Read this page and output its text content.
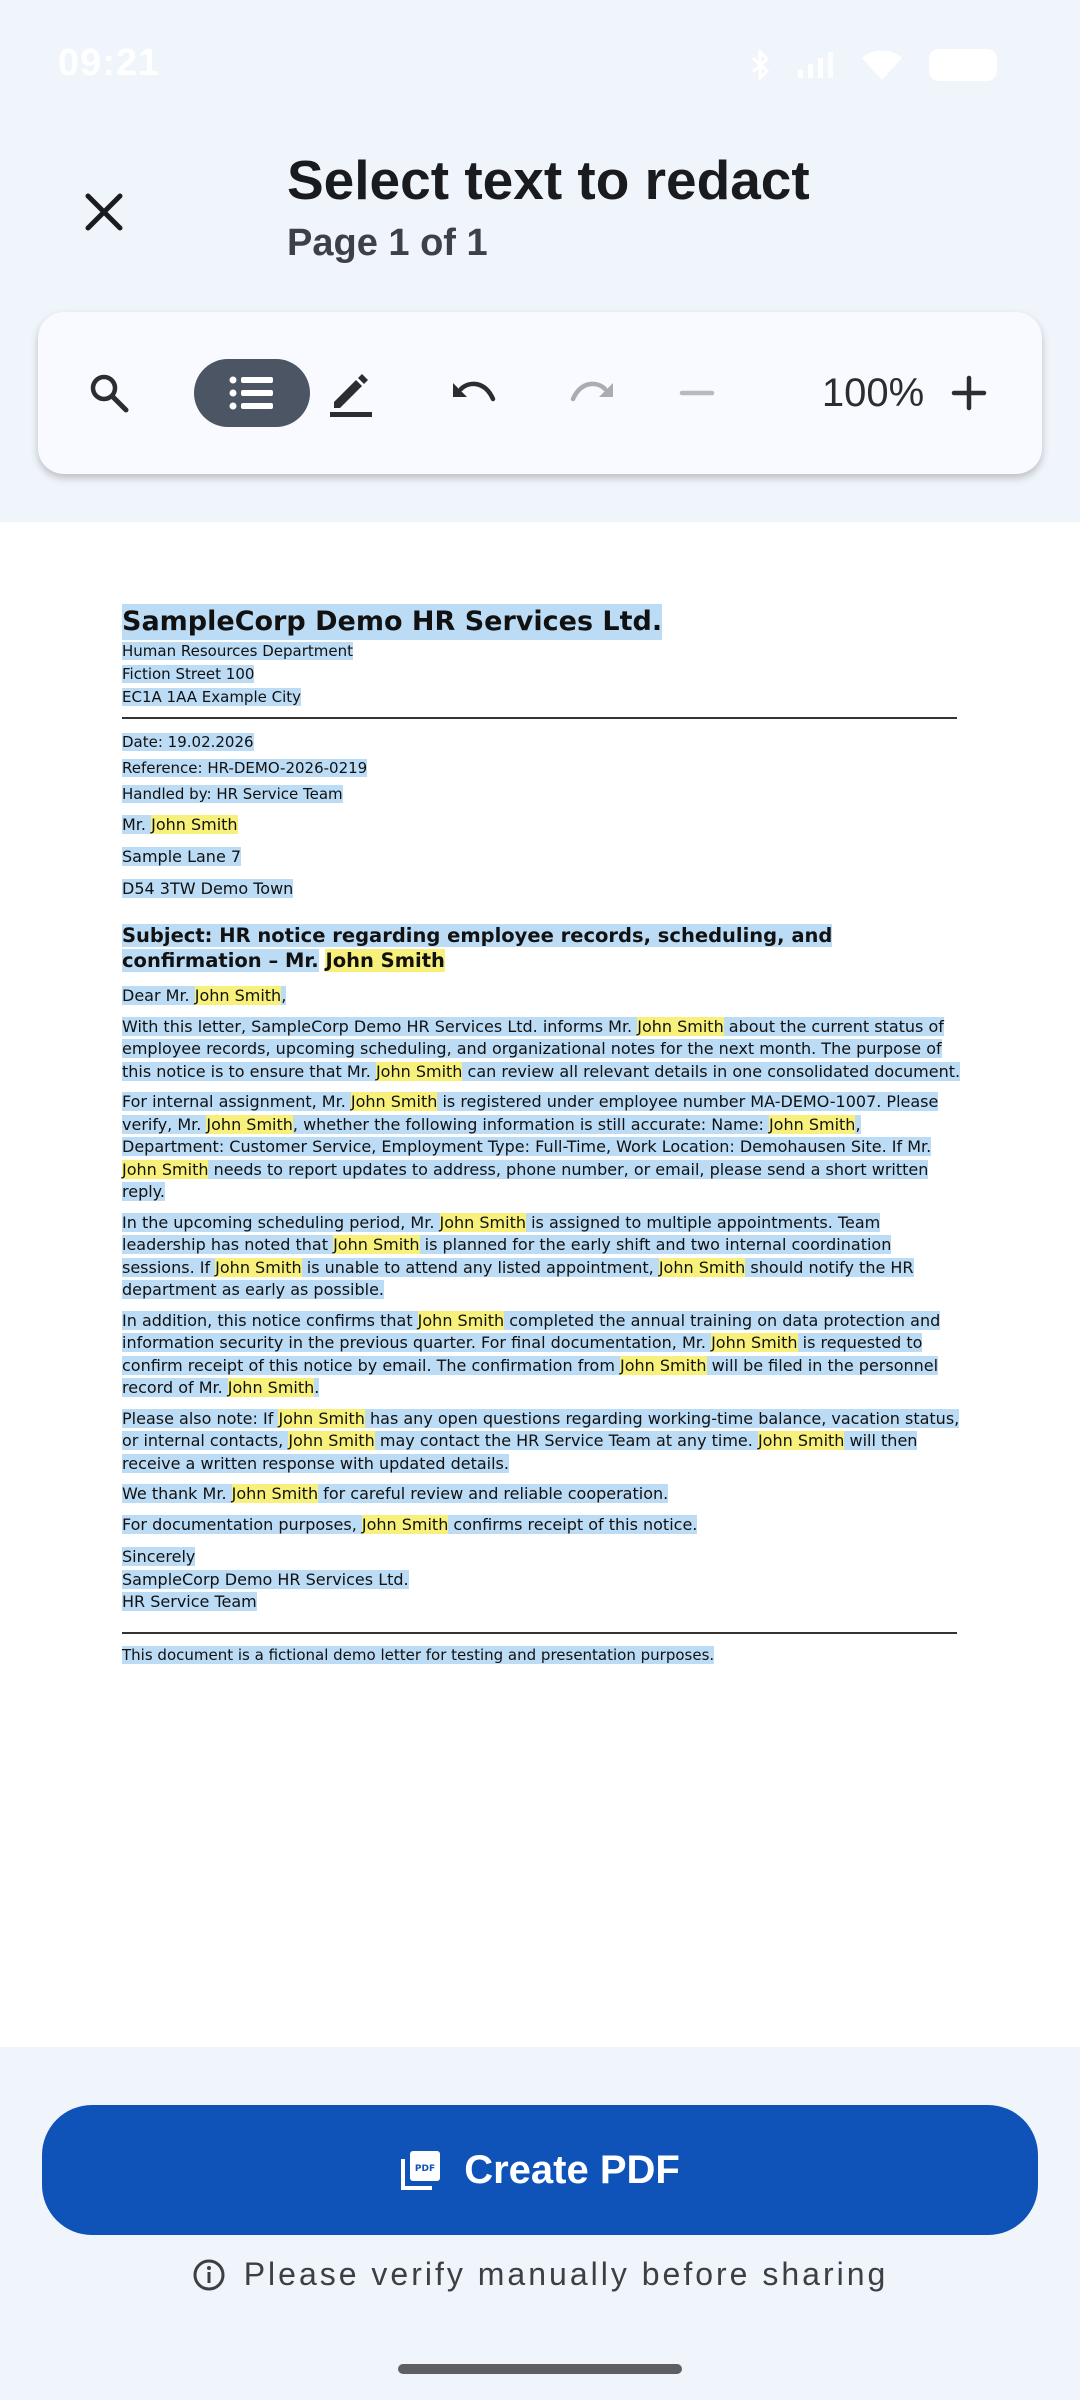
09:21
Select text to redact
Page 1 of 1
100%
SampleCorp Demo HR Services Ltd.
Human Resources Department
Fiction Street 100
EC1A 1AA Example City
Date: 19.02.2026
Reference: HR-DEMO-2026-0219
Handled by: HR Service Team
Mr. John Smith
Sample Lane 7
D54 3TW Demo Town
Subject: HR notice regarding employee records, scheduling, and confirmation – Mr. John Smith
Dear Mr. John Smith,
With this letter, SampleCorp Demo HR Services Ltd. informs Mr. John Smith about the current status of employee records, upcoming scheduling, and organizational notes for the next month. The purpose of this notice is to ensure that Mr. John Smith can review all relevant details in one consolidated document.
For internal assignment, Mr. John Smith is registered under employee number MA-DEMO-1007. Please verify, Mr. John Smith, whether the following information is still accurate: Name: John Smith, Department: Customer Service, Employment Type: Full-Time, Work Location: Demohausen Site. If Mr. John Smith needs to report updates to address, phone number, or email, please send a short written reply.
In the upcoming scheduling period, Mr. John Smith is assigned to multiple appointments. Team leadership has noted that John Smith is planned for the early shift and two internal coordination sessions. If John Smith is unable to attend any listed appointment, John Smith should notify the HR department as early as possible.
In addition, this notice confirms that John Smith completed the annual training on data protection and information security in the previous quarter. For final documentation, Mr. John Smith is requested to confirm receipt of this notice by email. The confirmation from John Smith will be filed in the personnel record of Mr. John Smith.
Please also note: If John Smith has any open questions regarding working-time balance, vacation status, or internal contacts, John Smith may contact the HR Service Team at any time. John Smith will then receive a written response with updated details.
We thank Mr. John Smith for careful review and reliable cooperation.
For documentation purposes, John Smith confirms receipt of this notice.
Sincerely
SampleCorp Demo HR Services Ltd.
HR Service Team
This document is a fictional demo letter for testing and presentation purposes.
PDF Create PDF
Please verify manually before sharing
